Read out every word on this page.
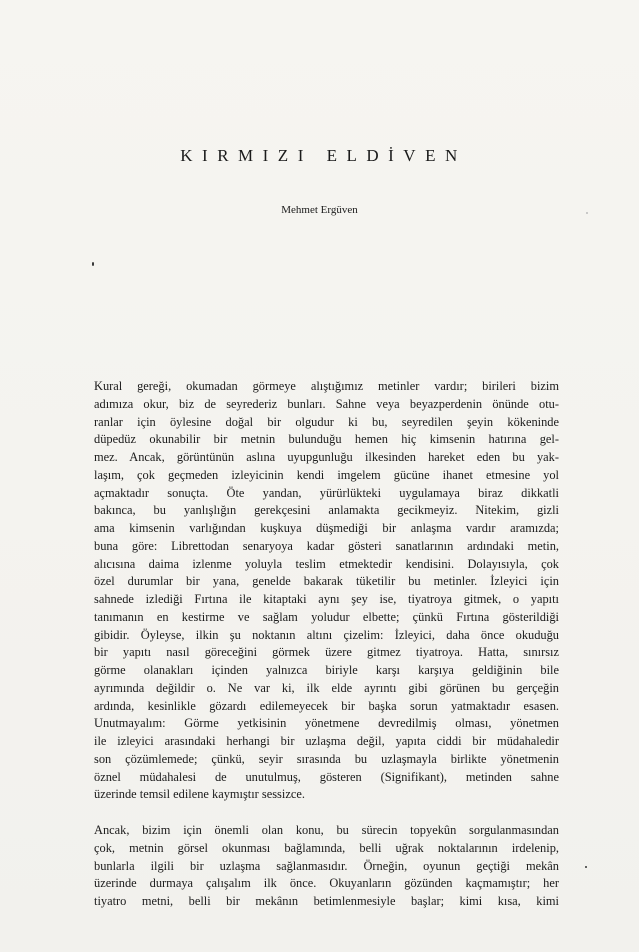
KIRMIZI ELDİVEN
Mehmet Ergüven
Kural gereği, okumadan görmeye alıştığımız metinler vardır; birileri bizim
adımıza okur, biz de seyrederiz bunları. Sahne veya beyazperdenin önünde otu-
ranlar için öylesine doğal bir olgudur ki bu, seyredilen şeyin kökeninde
düpedüz okunabilir bir metnin bulunduğu hemen hiç kimsenin hatırına gel-
mez. Ancak, görüntünün aslına uyupgunluğu ilkesinden hareket eden bu yak-
laşım, çok geçmeden izleyicinin kendi imgelem gücüne ihanet etmesine yol
açmaktadır sonuçta. Öte yandan, yürürlükteki uygulamaya biraz dikkatli
bakınca, bu yanlışlığın gerekçesini anlamakta gecikmeyiz. Nitekim, gizli
ama kimsenin varlığından kuşkuya düşmediği bir anlaşma vardır aramızda;
buna göre: Librettodan senaryoya kadar gösteri sanatlarının ardındaki metin,
alıcısına daima izlenme yoluyla teslim etmektedir kendisini. Dolayısıyla, çok
özel durumlar bir yana, genelde bakarak tüketilir bu metinler. İzleyici için
sahnede izlediği Fırtına ile kitaptaki aynı şey ise, tiyatroya gitmek, o yapıtı
tanımanın en kestirme ve sağlam yoludur elbette; çünkü Fırtına gösterildiği
gibidir. Öyleyse, ilkin şu noktanın altını çizelim: İzleyici, daha önce okuduğu
bir yapıtı nasıl göreceğini görmek üzere gitmez tiyatroya. Hatta, sınırsız
görme olanakları içinden yalnızca biriyle karşı karşıya geldiğinin bile
ayrımında değildir o. Ne var ki, ilk elde ayrıntı gibi görünen bu gerçeğin
ardında, kesinlikle gözardı edilemeyecek bir başka sorun yatmaktadır esasen.
Unutmayalım: Görme yetkisinin yönetmene devredilmiş olması, yönetmen
ile izleyici arasındaki herhangi bir uzlaşma değil, yapıta ciddi bir müdahaledir
son çözümlemede; çünkü, seyir sırasında bu uzlaşmayla birlikte yönetmenin
öznel müdahalesi de unutulmuş, gösteren (Signifikant), metinden sahne
üzerinde temsil edilene kaymıştır sessizce.
Ancak, bizim için önemli olan konu, bu sürecin topyekûn sorgulanmasından
çok, metnin görsel okunması bağlamında, belli uğrak noktalarının irdelenip,
bunlarla ilgili bir uzlaşma sağlanmasıdır. Örneğin, oyunun geçtiği mekân
üzerinde durmaya çalışalım ilk önce. Okuyanların gözünden kaçmamıştır; her
tiyatro metni, belli bir mekânın betimlenmesiyle başlar; kimi kısa, kimi
